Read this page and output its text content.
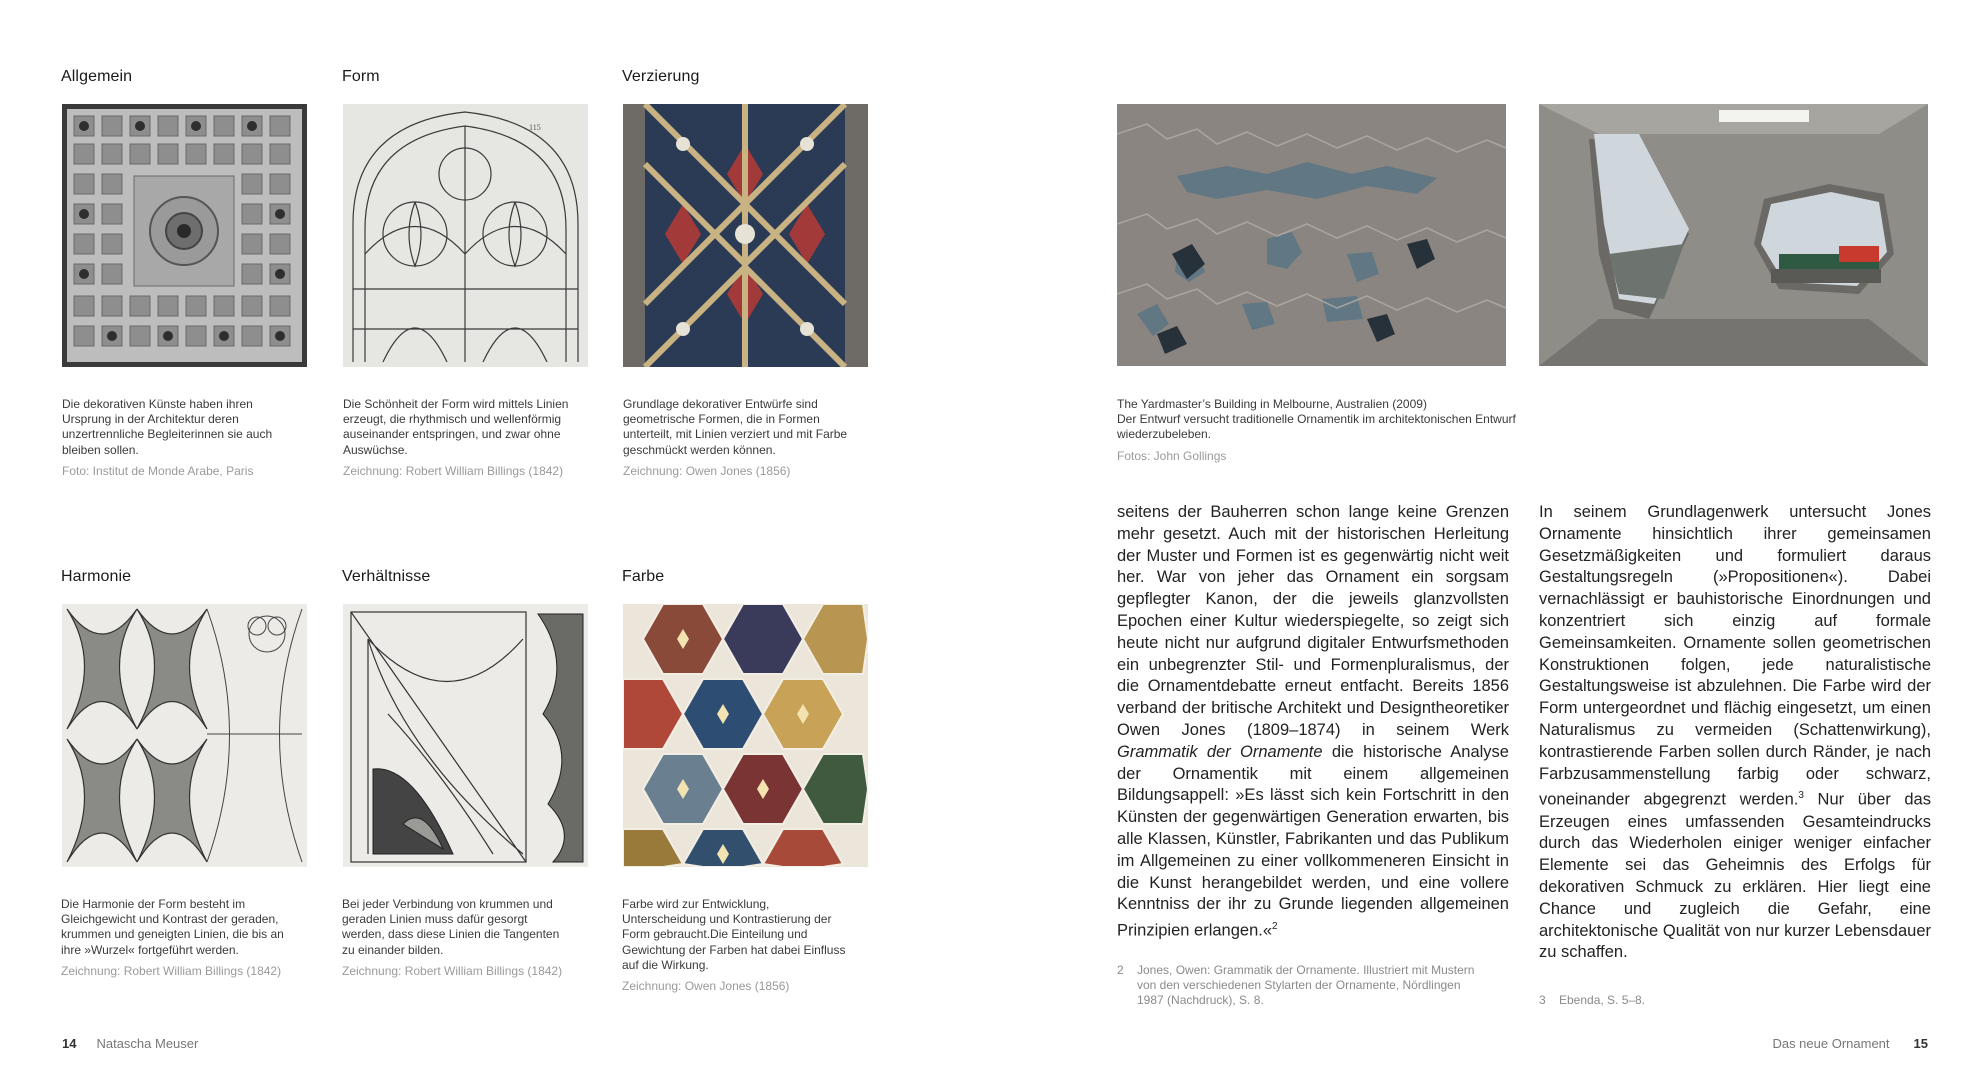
Allgemein
Die dekorativen Künste haben ihren Ursprung in der Architektur deren unzertrennliche Begleiterinnen sie auch bleiben sollen.
Foto: Institut de Monde Arabe, Paris
Form
115
Die Schönheit der Form wird mittels Linien erzeugt, die rhythmisch und wellenförmig auseinander entspringen, und zwar ohne Auswüchse.
Zeichnung: Robert William Billings (1842)
Verzierung
Grundlage dekorativer Entwürfe sind geometrische Formen, die in Formen unterteilt, mit Linien verziert und mit Farbe geschmückt werden können.
Zeichnung: Owen Jones (1856)
Harmonie
Die Harmonie der Form besteht im Gleichgewicht und Kontrast der geraden, krummen und geneigten Linien, die bis an ihre »Wurzel« fortgeführt werden.
Zeichnung: Robert William Billings (1842)
Verhältnisse
Bei jeder Verbindung von krummen und geraden Linien muss dafür gesorgt werden, dass diese Linien die Tangenten zu einander bilden.
Zeichnung: Robert William Billings (1842)
Farbe
Farbe wird zur Entwicklung, Unterscheidung und Kontrastierung der Form gebraucht.Die Einteilung und Gewichtung der Farben hat dabei Einfluss auf die Wirkung.
Zeichnung: Owen Jones (1856)
14 Natascha Meuser
The Yardmaster’s Building in Melbourne, Australien (2009)
Der Entwurf versucht traditionelle Ornamentik im architektonischen Entwurf wiederzubeleben.
Fotos: John Gollings
seitens der Bauherren schon lange keine Grenzen mehr gesetzt. Auch mit der historischen Herleitung der Muster und Formen ist es gegenwärtig nicht weit her. War von jeher das Ornament ein sorgsam gepflegter Kanon, der die jeweils glanzvollsten Epochen einer Kultur wiederspiegelte, so zeigt sich heute nicht nur aufgrund digitaler Entwurfsmethoden ein unbegrenzter Stil- und Formenpluralismus, der die Ornamentdebatte erneut entfacht. Bereits 1856 verband der britische Architekt und Designtheoretiker Owen Jones (1809–1874) in seinem Werk Grammatik der Ornamente die historische Analyse der Ornamentik mit einem allgemeinen Bildungsappell: »Es lässt sich kein Fortschritt in den Künsten der gegenwärtigen Generation erwarten, bis alle Klassen, Künstler, Fabrikanten und das Publikum im Allgemeinen zu einer vollkommeneren Einsicht in die Kunst herangebildet werden, und eine vollere Kenntniss der ihr zu Grunde liegenden allgemeinen Prinzipien erlangen.«$^2$
In seinem Grundlagenwerk untersucht Jones Ornamente hinsichtlich ihrer gemeinsamen Gesetzmäßigkeiten und formuliert daraus Gestaltungsregeln (»Propositionen«). Dabei vernachlässigt er bauhistorische Einordnungen und konzentriert sich einzig auf formale Gemeinsamkeiten. Ornamente sollen geometrischen Konstruktionen folgen, jede naturalistische Gestaltungsweise ist abzulehnen. Die Farbe wird der Form untergeordnet und flächig eingesetzt, um einen Naturalismus zu vermeiden (Schattenwirkung), kontrastierende Farben sollen durch Ränder, je nach Farbzusammenstellung farbig oder schwarz, voneinander abgegrenzt werden.$^3$ Nur über das Erzeugen eines umfassenden Gesamteindrucks durch das Wiederholen einiger weniger einfacher Elemente sei das Geheimnis des Erfolgs für dekorativen Schmuck zu erklären. Hier liegt eine Chance und zugleich die Gefahr, eine architektonische Qualität von nur kurzer Lebensdauer zu schaffen.
2	Jones, Owen: Grammatik der Ornamente. Illustriert mit Mustern von den verschiedenen Stylarten der Ornamente, Nördlingen 1987 (Nachdruck), S. 8.	3	Ebenda, S. 5–8.
Das neue Ornament 15
